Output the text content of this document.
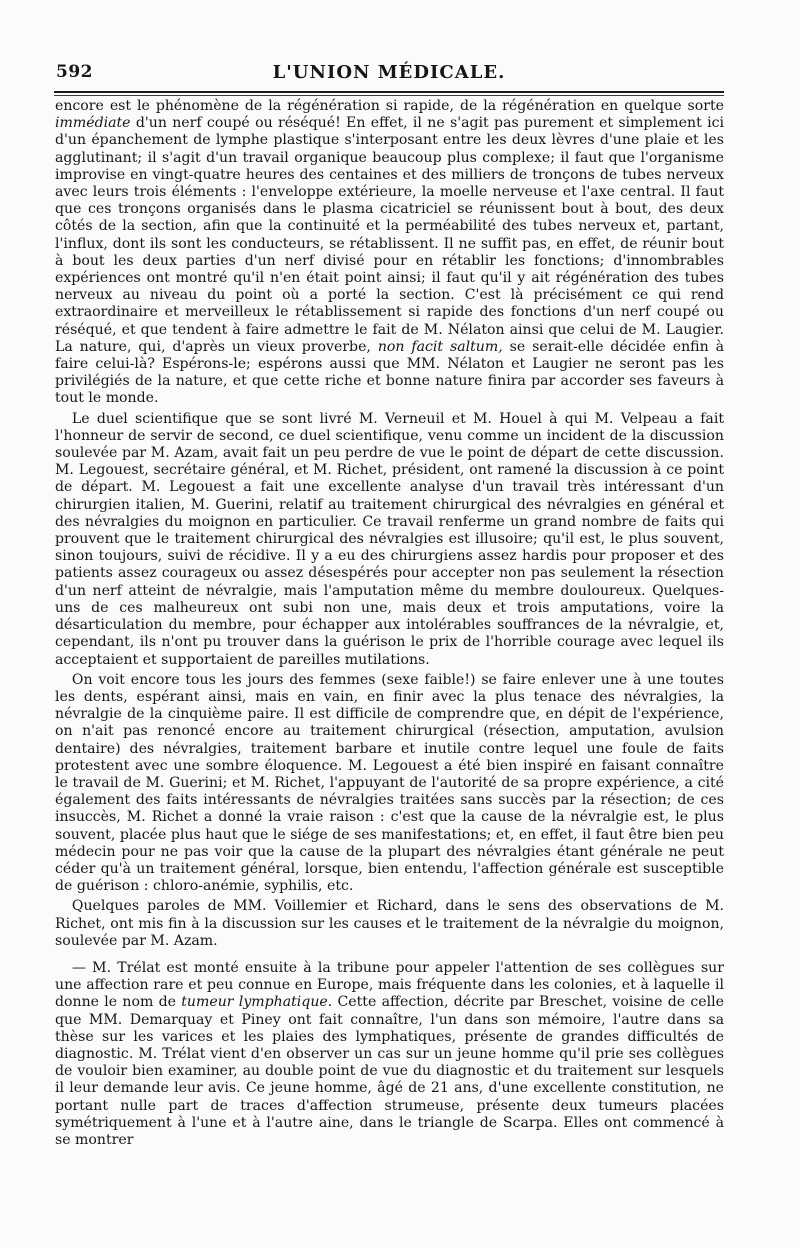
592	L'UNION MÉDICALE.

encore est le phénomène de la régénération si rapide, de la régénération en quelque sorte immédiate d'un nerf coupé ou réséqué! En effet, il ne s'agit pas purement et simplement ici d'un épanchement de lymphe plastique s'interposant entre les deux lèvres d'une plaie et les agglutinant; il s'agit d'un travail organique beaucoup plus complexe; il faut que l'organisme improvise en vingt-quatre heures des centaines et des milliers de tronçons de tubes nerveux avec leurs trois éléments : l'enveloppe extérieure, la moelle nerveuse et l'axe central. Il faut que ces tronçons organisés dans le plasma cicatriciel se réunissent bout à bout, des deux côtés de la section, afin que la continuité et la perméabilité des tubes nerveux et, partant, l'influx, dont ils sont les conducteurs, se rétablissent. Il ne suffit pas, en effet, de réunir bout à bout les deux parties d'un nerf divisé pour en rétablir les fonctions; d'innombrables expériences ont montré qu'il n'en était point ainsi; il faut qu'il y ait régénération des tubes nerveux au niveau du point où a porté la section. C'est là précisément ce qui rend extraordinaire et merveilleux le rétablissement si rapide des fonctions d'un nerf coupé ou réséqué, et que tendent à faire admettre le fait de M. Nélaton ainsi que celui de M. Laugier. La nature, qui, d'après un vieux proverbe, non facit saltum, se serait-elle décidée enfin à faire celui-là? Espérons-le; espérons aussi que MM. Nélaton et Laugier ne seront pas les privilégiés de la nature, et que cette riche et bonne nature finira par accorder ses faveurs à tout le monde.

Le duel scientifique que se sont livré M. Verneuil et M. Houel à qui M. Velpeau a fait l'honneur de servir de second, ce duel scientifique, venu comme un incident de la discussion soulevée par M. Azam, avait fait un peu perdre de vue le point de départ de cette discussion. M. Legouest, secrétaire général, et M. Richet, président, ont ramené la discussion à ce point de départ. M. Legouest a fait une excellente analyse d'un travail très intéressant d'un chirurgien italien, M. Guerini, relatif au traitement chirurgical des névralgies en général et des névralgies du moignon en particulier. Ce travail renferme un grand nombre de faits qui prouvent que le traitement chirurgical des névralgies est illusoire; qu'il est, le plus souvent, sinon toujours, suivi de récidive. Il y a eu des chirurgiens assez hardis pour proposer et des patients assez courageux ou assez désespérés pour accepter non pas seulement la résection d'un nerf atteint de névralgie, mais l'amputation même du membre douloureux. Quelques-uns de ces malheureux ont subi non une, mais deux et trois amputations, voire la désarticulation du membre, pour échapper aux intolérables souffrances de la névralgie, et, cependant, ils n'ont pu trouver dans la guérison le prix de l'horrible courage avec lequel ils acceptaient et supportaient de pareilles mutilations.

On voit encore tous les jours des femmes (sexe faible!) se faire enlever une à une toutes les dents, espérant ainsi, mais en vain, en finir avec la plus tenace des névralgies, la névralgie de la cinquième paire. Il est difficile de comprendre que, en dépit de l'expérience, on n'ait pas renoncé encore au traitement chirurgical (résection, amputation, avulsion dentaire) des névralgies, traitement barbare et inutile contre lequel une foule de faits protestent avec une sombre éloquence. M. Legouest a été bien inspiré en faisant connaître le travail de M. Guerini; et M. Richet, l'appuyant de l'autorité de sa propre expérience, a cité également des faits intéressants de névralgies traitées sans succès par la résection; de ces insuccès, M. Richet a donné la vraie raison : c'est que la cause de la névralgie est, le plus souvent, placée plus haut que le siége de ses manifestations; et, en effet, il faut être bien peu médecin pour ne pas voir que la cause de la plupart des névralgies étant générale ne peut céder qu'à un traitement général, lorsque, bien entendu, l'affection générale est susceptible de guérison : chloro-anémie, syphilis, etc.

Quelques paroles de MM. Voillemier et Richard, dans le sens des observations de M. Richet, ont mis fin à la discussion sur les causes et le traitement de la névralgie du moignon, soulevée par M. Azam.

— M. Trélat est monté ensuite à la tribune pour appeler l'attention de ses collègues sur une affection rare et peu connue en Europe, mais fréquente dans les colonies, et à laquelle il donne le nom de tumeur lymphatique. Cette affection, décrite par Breschet, voisine de celle que MM. Demarquay et Piney ont fait connaître, l'un dans son mémoire, l'autre dans sa thèse sur les varices et les plaies des lymphatiques, présente de grandes difficultés de diagnostic. M. Trélat vient d'en observer un cas sur un jeune homme qu'il prie ses collègues de vouloir bien examiner, au double point de vue du diagnostic et du traitement sur lesquels il leur demande leur avis. Ce jeune homme, âgé de 21 ans, d'une excellente constitution, ne portant nulle part de traces d'affection strumeuse, présente deux tumeurs placées symétriquement à l'une et à l'autre aine, dans le triangle de Scarpa. Elles ont commencé à se montrer
